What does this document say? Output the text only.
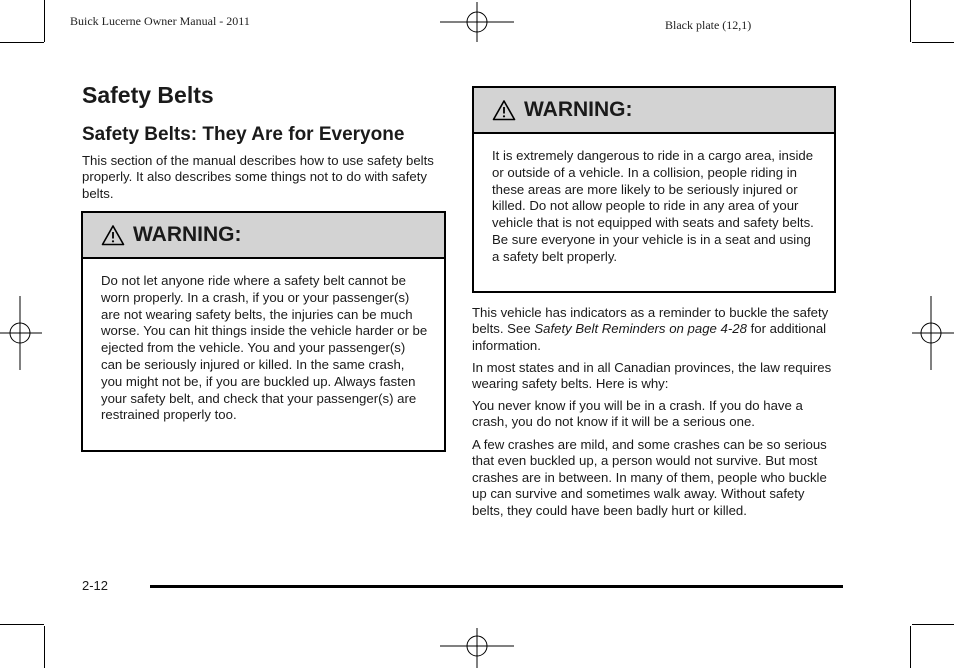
Buick Lucerne Owner Manual - 2011	Black plate (12,1)
Safety Belts
Safety Belts: They Are for Everyone

This section of the manual describes how to use safety belts properly. It also describes some things not to do with safety belts.

WARNING:
Do not let anyone ride where a safety belt cannot be worn properly. In a crash, if you or your passenger(s) are not wearing safety belts, the injuries can be much worse. You can hit things inside the vehicle harder or be ejected from the vehicle. You and your passenger(s) can be seriously injured or killed. In the same crash, you might not be, if you are buckled up. Always fasten your safety belt, and check that your passenger(s) are restrained properly too.
WARNING:
It is extremely dangerous to ride in a cargo area, inside or outside of a vehicle. In a collision, people riding in these areas are more likely to be seriously injured or killed. Do not allow people to ride in any area of your vehicle that is not equipped with seats and safety belts. Be sure everyone in your vehicle is in a seat and using a safety belt properly.

This vehicle has indicators as a reminder to buckle the safety belts. See Safety Belt Reminders on page 4-28 for additional information.

In most states and in all Canadian provinces, the law requires wearing safety belts. Here is why:

You never know if you will be in a crash. If you do have a crash, you do not know if it will be a serious one.

A few crashes are mild, and some crashes can be so serious that even buckled up, a person would not survive. But most crashes are in between. In many of them, people who buckle up can survive and sometimes walk away. Without safety belts, they could have been badly hurt or killed.

2-12
